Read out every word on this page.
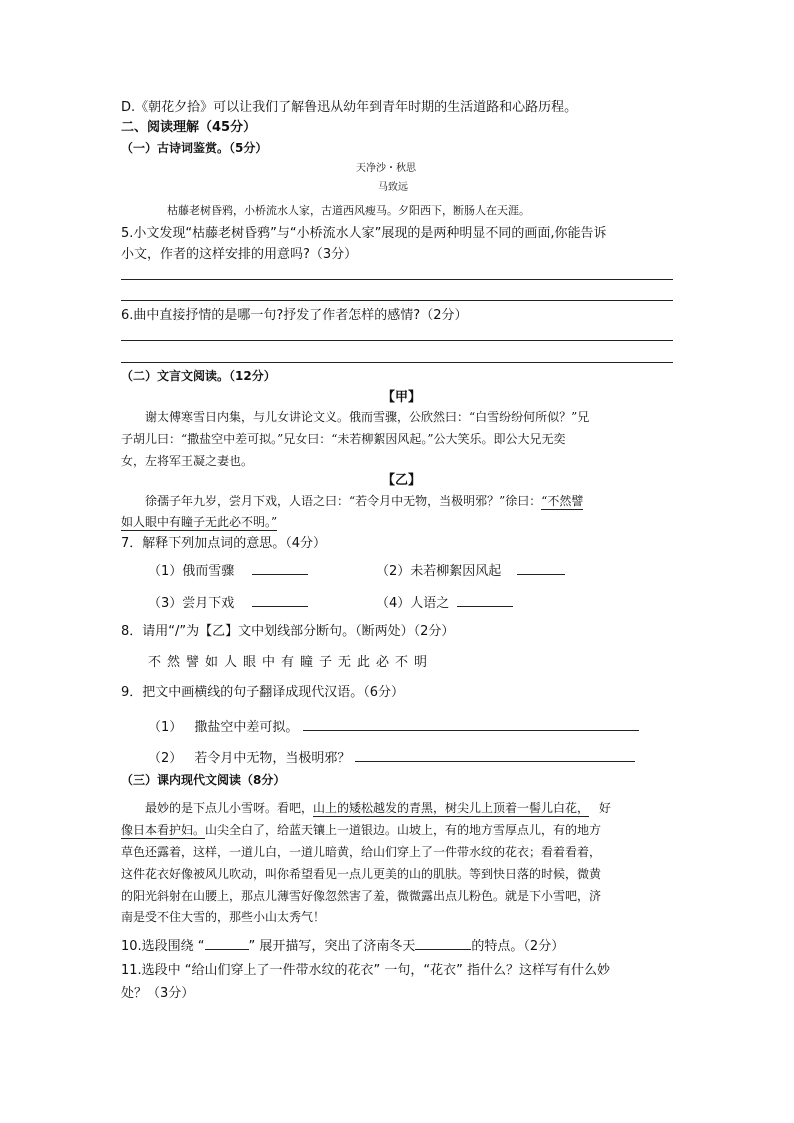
D.《朝花夕拾》可以让我们了解鲁迅从幼年到青年时期的生活道路和心路历程。
二、阅读理解（45分）
（一）古诗词鉴赏。（5分）
天净沙・秋思
马致远
枯藤老树昏鸦，小桥流水人家，古道西风瘦马。夕阳西下，断肠人在天涯。
5.小文发现“枯藤老树昏鸦”与“小桥流水人家”展现的是两种明显不同的画面,你能告诉
小文，作者的这样安排的用意吗?（3分）
6.曲中直接抒情的是哪一句?抒发了作者怎样的感情?（2分）
（二）文言文阅读。（12分）
【甲】
谢太傅寒雪日内集，与儿女讲论文义。俄而雪骤，公欣然曰：“白雪纷纷何所似？”兄
子胡儿曰：“撒盐空中差可拟。”兄女曰：“未若柳絮因风起。”公大笑乐。即公大兄无奕
女，左将军王凝之妻也。
【乙】
徐孺子年九岁，尝月下戏，人语之曰：“若令月中无物，当极明邪？”徐曰：“不然譬
如人眼中有瞳子无此必不明。”
7．解释下列加点词的意思。（4分）
（1）俄而雪骤	（2）未若柳絮因风起
（3）尝月下戏	（4）人语之
8．请用“/”为【乙】文中划线部分断句。（断两处）（2分）
不然譬如人眼中有瞳子无此必不明
9．把文中画横线的句子翻译成现代汉语。（6分）
（1） 撒盐空中差可拟。
（2） 若令月中无物，当极明邪？
（三）课内现代文阅读（8分）
最妙的是下点儿小雪呀。看吧，山上的矮松越发的青黑，树尖儿上顶着一髻儿白花， 好
像日本看护妇。山尖全白了，给蓝天镶上一道银边。山坡上，有的地方雪厚点儿，有的地方
草色还露着，这样，一道儿白，一道儿暗黄，给山们穿上了一件带水纹的花衣；看着看着，
这件花衣好像被风儿吹动，叫你希望看见一点儿更美的山的肌肤。等到快日落的时候，微黄
的阳光斜射在山腰上，那点儿薄雪好像忽然害了羞，微微露出点儿粉色。就是下小雪吧，济
南是受不住大雪的，那些小山太秀气！
10.选段围绕 “	” 展开描写，突出了济南冬天	的特点。（2分）
11.选段中 “给山们穿上了一件带水纹的花衣” 一句，“花衣” 指什么？这样写有什么妙
处？（3分）
